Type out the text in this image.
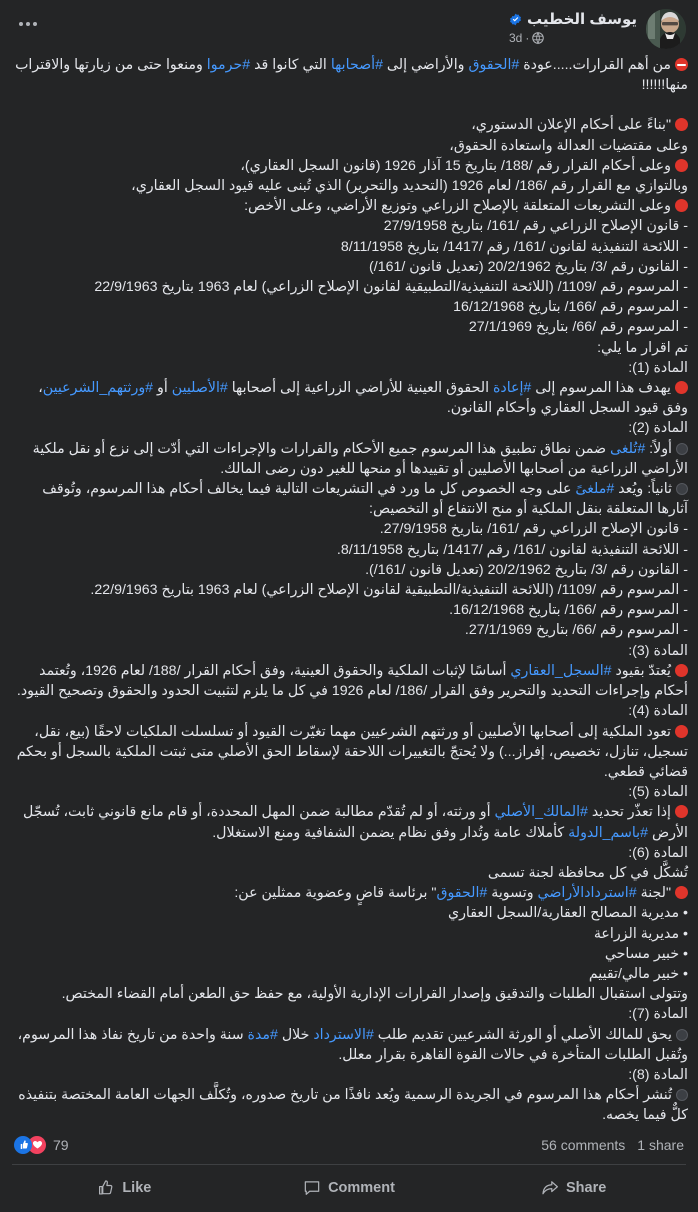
يوسف الخطيب
3d ·
من أهم القرارات.....عودة #الحقوق والأراضي إلى #أصحابها التي كانوا قد #حرموا ومنعوا حتى من زيارتها والاقتراب منها!!!!!!
"بناءً على أحكام الإعلان الدستوري،
وعلى مقتضيات العدالة واستعادة الحقوق،
وعلى أحكام القرار رقم /188/ بتاريخ 15 آذار 1926 (قانون السجل العقاري)،
وبالتوازي مع القرار رقم /186/ لعام 1926 (التحديد والتحرير) الذي تُبنى عليه قيود السجل العقاري،
وعلى التشريعات المتعلقة بالإصلاح الزراعي وتوزيع الأراضي، وعلى الأخص:
- قانون الإصلاح الزراعي رقم /161/ بتاريخ 27/9/1958
- اللائحة التنفيذية لقانون /161/ رقم /1417/ بتاريخ 8/11/1958
- القانون رقم /3/ بتاريخ 20/2/1962 (تعديل قانون /161/)
- المرسوم رقم /1109/ (اللائحة التنفيذية/التطبيقية لقانون الإصلاح الزراعي) لعام 1963 بتاريخ 22/9/1963
- المرسوم رقم /166/ بتاريخ 16/12/1968
- المرسوم رقم /66/ بتاريخ 27/1/1969
تم اقرار ما يلي:
المادة (1):
يهدف هذا المرسوم إلى #إعادة الحقوق العينية للأراضي الزراعية إلى أصحابها #الأصليين أو #ورثتهم_الشرعيين، وفق قيود السجل العقاري وأحكام القانون.
المادة (2):
أولاً: #تُلغى ضمن نطاق تطبيق هذا المرسوم جميع الأحكام والقرارات والإجراءات التي أدّت إلى نزع أو نقل ملكية الأراضي الزراعية من أصحابها الأصليين أو تقييدها أو منحها للغير دون رضى المالك.
ثانياً: ويُعد #ملغىً على وجه الخصوص كل ما ورد في التشريعات التالية فيما يخالف أحكام هذا المرسوم، وتُوقف آثارها المتعلقة بنقل الملكية أو منح الانتفاع أو التخصيص:
- قانون الإصلاح الزراعي رقم /161/ بتاريخ 27/9/1958.
- اللائحة التنفيذية لقانون /161/ رقم /1417/ بتاريخ 8/11/1958.
- القانون رقم /3/ بتاريخ 20/2/1962 (تعديل قانون /161/).
- المرسوم رقم /1109/ (اللائحة التنفيذية/التطبيقية لقانون الإصلاح الزراعي) لعام 1963 بتاريخ 22/9/1963.
- المرسوم رقم /166/ بتاريخ 16/12/1968.
- المرسوم رقم /66/ بتاريخ 27/1/1969.
المادة (3):
يُعتدّ بقيود #السجل_العقاري أساسًا لإثبات الملكية والحقوق العينية، وفق أحكام القرار /188/ لعام 1926، وتُعتمد أحكام وإجراءات التحديد والتحرير وفق القرار /186/ لعام 1926 في كل ما يلزم لتثبيت الحدود والحقوق وتصحيح القيود.
المادة (4):
تعود الملكية إلى أصحابها الأصليين أو ورثتهم الشرعيين مهما تغيّرت القيود أو تسلسلت الملكيات لاحقًا (بيع، نقل، تسجيل، تنازل، تخصيص، إفراز...) ولا يُحتجّ بالتغييرات اللاحقة لإسقاط الحق الأصلي متى ثبتت الملكية بالسجل أو بحكم قضائي قطعي.
المادة (5):
إذا تعذّر تحديد #المالك_الأصلي أو ورثته، أو لم تُقدّم مطالبة ضمن المهل المحددة، أو قام مانع قانوني ثابت، تُسجّل الأرض #باسم_الدولة كأملاك عامة وتُدار وفق نظام يضمن الشفافية ومنع الاستغلال.
المادة (6):
تُشكَّل في كل محافظة لجنة تسمى
"لجنة #استردادالأراضي وتسوية #الحقوق" برئاسة قاضٍ وعضوية ممثلين عن:
• مديرية المصالح العقارية/السجل العقاري
• مديرية الزراعة
• خبير مساحي
• خبير مالي/تقييم
وتتولى استقبال الطلبات والتدقيق وإصدار القرارات الإدارية الأولية، مع حفظ حق الطعن أمام القضاء المختص.
المادة (7):
يحق للمالك الأصلي أو الورثة الشرعيين تقديم طلب #الاسترداد خلال #مدة سنة واحدة من تاريخ نفاذ هذا المرسوم، وتُقبل الطلبات المتأخرة في حالات القوة القاهرة بقرار معلل.
المادة (8):
تُنشر أحكام هذا المرسوم في الجريدة الرسمية ويُعد نافذًا من تاريخ صدوره، وتُكلَّف الجهات العامة المختصة بتنفيذه كلٌّ فيما يخصه.
79	56 comments 1 share
Like	Comment	Share
